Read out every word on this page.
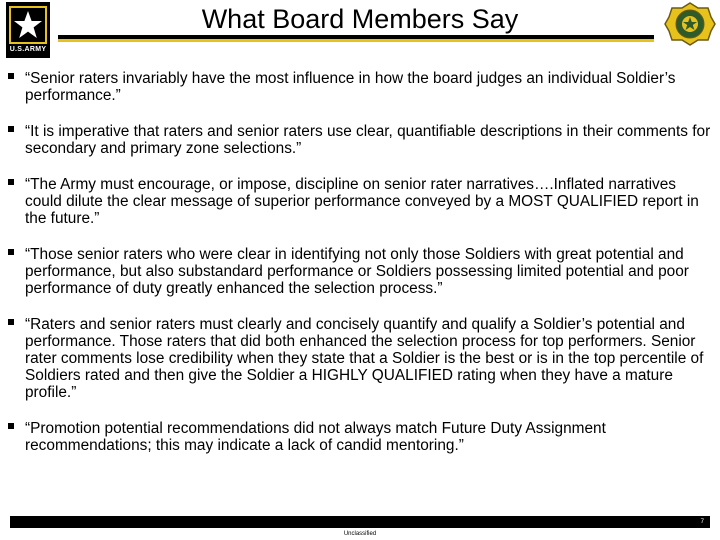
U.S.ARMY
What Board Members Say
“Senior raters invariably have the most influence in how the board judges an individual Soldier’s performance.”
“It is imperative that raters and senior raters use clear, quantifiable descriptions in their comments for secondary and primary zone selections.”
“The Army must encourage, or impose, discipline on senior rater narratives….Inflated narratives could dilute the clear message of superior performance conveyed by a MOST QUALIFIED report in the future.”
“Those senior raters who were clear in identifying not only those Soldiers with great potential and performance, but also substandard performance or Soldiers possessing limited potential and poor performance of duty greatly enhanced the selection process.”
“Raters and senior raters must clearly and concisely quantify and qualify a Soldier’s potential and performance. Those raters that did both enhanced the selection process for top performers. Senior rater comments lose credibility when they state that a Soldier is the best or is in the top percentile of Soldiers rated and then give the Soldier a HIGHLY QUALIFIED rating when they have a mature profile.”
“Promotion potential recommendations did not always match Future Duty Assignment recommendations; this may indicate a lack of candid mentoring.”
7
Unclassified
